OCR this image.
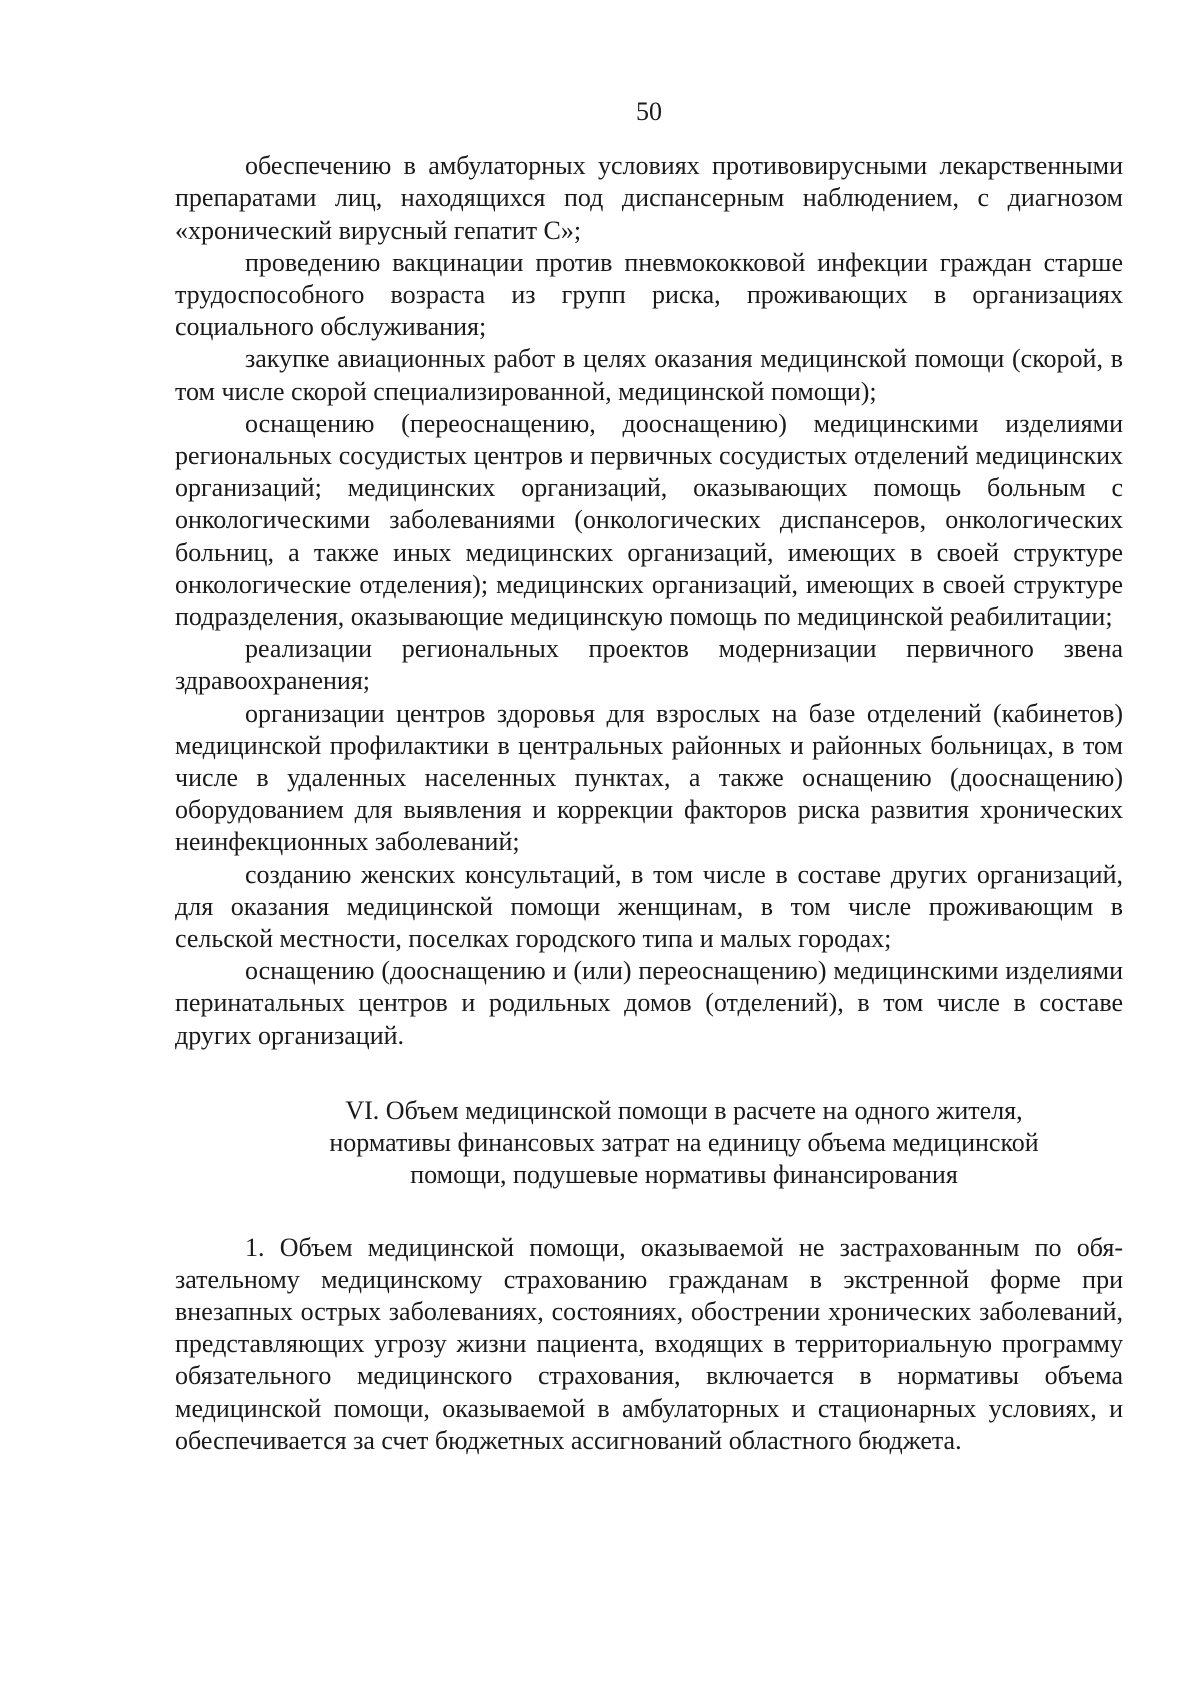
50

обеспечению в амбулаторных условиях противовирусными лекарственными препаратами лиц, находящихся под диспансерным наблюдением, с диагнозом «хронический вирусный гепатит С»;

проведению вакцинации против пневмококковой инфекции граждан старше трудоспособного возраста из групп риска, проживающих в организациях социального обслуживания;

закупке авиационных работ в целях оказания медицинской помощи (скорой, в том числе скорой специализированной, медицинской помощи);

оснащению (переоснащению, дооснащению) медицинскими изделиями региональных сосудистых центров и первичных сосудистых отделений медицинских организаций; медицинских организаций, оказывающих помощь больным с онкологическими заболеваниями (онкологических диспансеров, онкологических больниц, а также иных медицинских организаций, имеющих в своей структуре онкологические отделения); медицинских организаций, имеющих в своей структуре подразделения, оказывающие медицинскую помощь по медицинской реабилитации;

реализации региональных проектов модернизации первичного звена здравоохранения;

организации центров здоровья для взрослых на базе отделений (кабинетов) медицинской профилактики в центральных районных и районных больницах, в том числе в удаленных населенных пунктах, а также оснащению (дооснащению) оборудованием для выявления и коррекции факторов риска развития хронических неинфекционных заболеваний;

созданию женских консультаций, в том числе в составе других организаций, для оказания медицинской помощи женщинам, в том числе проживающим в сельской местности, поселках городского типа и малых городах;

оснащению (дооснащению и (или) переоснащению) медицинскими изделиями перинатальных центров и родильных домов (отделений), в том числе в составе других организаций.

VI. Объем медицинской помощи в расчете на одного жителя,
нормативы финансовых затрат на единицу объема медицинской
помощи, подушевые нормативы финансирования

1. Объем медицинской помощи, оказываемой не застрахованным по обязательному медицинскому страхованию гражданам в экстренной форме при внезапных острых заболеваниях, состояниях, обострении хронических заболеваний, представляющих угрозу жизни пациента, входящих в территориальную программу обязательного медицинского страхования, включается в нормативы объема медицинской помощи, оказываемой в амбулаторных и стационарных условиях, и обеспечивается за счет бюджетных ассигнований областного бюджета.
